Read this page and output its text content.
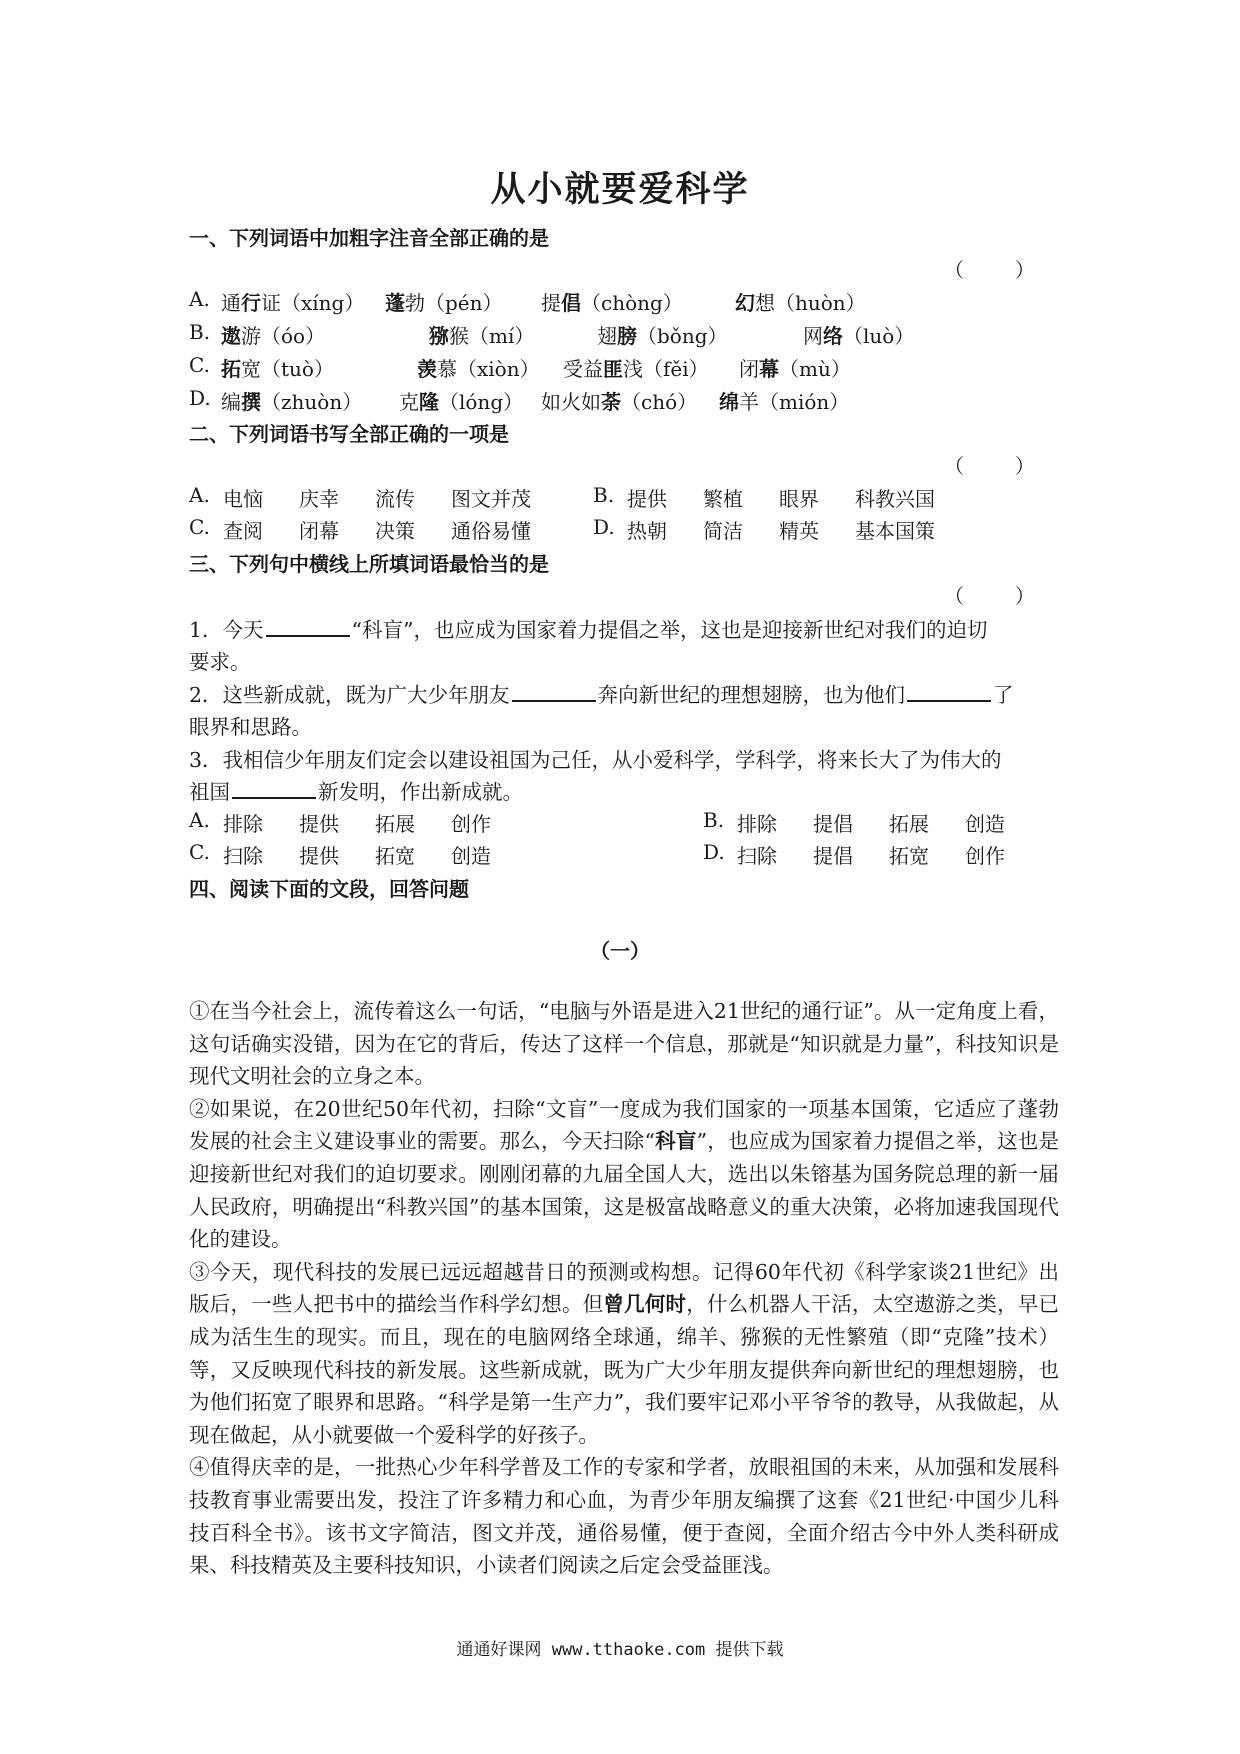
从小就要爱科学
一、下列词语中加粗字注音全部正确的是
（        ）
A. 通行证（xíng） 蓬勃（pén） 提倡（chòng）	幻想（huòn）
B. 遨游（óo）	猕猴（mí）	翅膀（bǒng）	网络（luò）
C. 拓宽（tuò）	羡慕（xiòn） 受益匪浅（fěi） 闭幕（mù）
D. 编撰（zhuòn） 克隆（lóng） 如火如荼（chó） 绵羊（mión）
二、下列词语书写全部正确的一项是
（        ）
A. 电恼 庆幸 流传 图文并茂	B. 提供 繁植 眼界 科教兴国
C. 查阅 闭幕 决策 通俗易懂	D. 热朝 简洁 精英 基本国策
三、下列句中横线上所填词语最恰当的是
（        ）
1．今天	“科盲”，也应成为国家着力提倡之举，这也是迎接新世纪对我们的迫切
要求。
2．这些新成就，既为广大少年朋友	奔向新世纪的理想翅膀，也为他们	了
眼界和思路。
3．我相信少年朋友们定会以建设祖国为己任，从小爱科学，学科学，将来长大了为伟大的
祖国	新发明，作出新成就。
A. 排除 提供 拓展 创作	B. 排除 提倡 拓展 创造
C. 扫除 提供 拓宽 创造	D. 扫除 提倡 拓宽 创作
四、阅读下面的文段，回答问题
（一）

①在当今社会上，流传着这么一句话，“电脑与外语是进入21世纪的通行证”。从一定角度上看，这句话确实没错，因为在它的背后，传达了这样一个信息，那就是“知识就是力量”，科技知识是现代文明社会的立身之本。

②如果说，在20世纪50年代初，扫除“文盲”一度成为我们国家的一项基本国策，它适应了蓬勃发展的社会主义建设事业的需要。那么，今天扫除“科盲”，也应成为国家着力提倡之举，这也是迎接新世纪对我们的迫切要求。刚刚闭幕的九届全国人大，选出以朱镕基为国务院总理的新一届人民政府，明确提出“科教兴国”的基本国策，这是极富战略意义的重大决策，必将加速我国现代化的建设。

③今天，现代科技的发展已远远超越昔日的预测或构想。记得60年代初《科学家谈21世纪》出版后，一些人把书中的描绘当作科学幻想。但曾几何时，什么机器人干活，太空遨游之类，早已成为活生生的现实。而且，现在的电脑网络全球通，绵羊、猕猴的无性繁殖（即“克隆”技术）等，又反映现代科技的新发展。这些新成就，既为广大少年朋友提供奔向新世纪的理想翅膀，也为他们拓宽了眼界和思路。“科学是第一生产力”，我们要牢记邓小平爷爷的教导，从我做起，从现在做起，从小就要做一个爱科学的好孩子。

④值得庆幸的是，一批热心少年科学普及工作的专家和学者，放眼祖国的未来，从加强和发展科技教育事业需要出发，投注了许多精力和心血，为青少年朋友编撰了这套《21世纪·中国少儿科技百科全书》。该书文字简洁，图文并茂，通俗易懂，便于查阅，全面介绍古今中外人类科研成果、科技精英及主要科技知识，小读者们阅读之后定会受益匪浅。

通通好课网 www.tthaoke.com 提供下载
